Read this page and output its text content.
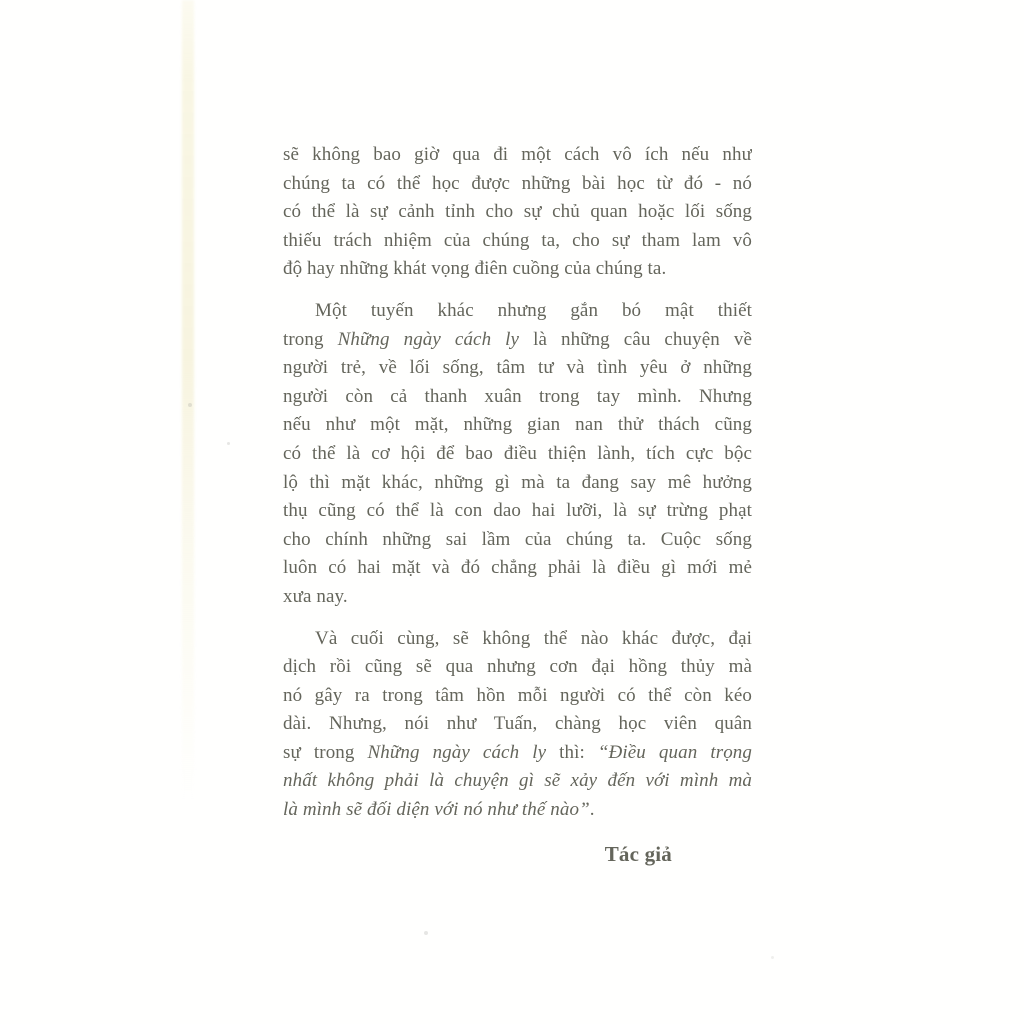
sẽ không bao giờ qua đi một cách vô ích nếu như
chúng ta có thể học được những bài học từ đó - nó
có thể là sự cảnh tỉnh cho sự chủ quan hoặc lối sống
thiếu trách nhiệm của chúng ta, cho sự tham lam vô
độ hay những khát vọng điên cuồng của chúng ta.
Một tuyến khác nhưng gắn bó mật thiết
trong Những ngày cách ly là những câu chuyện về
người trẻ, về lối sống, tâm tư và tình yêu ở những
người còn cả thanh xuân trong tay mình. Nhưng
nếu như một mặt, những gian nan thử thách cũng
có thể là cơ hội để bao điều thiện lành, tích cực bộc
lộ thì mặt khác, những gì mà ta đang say mê hưởng
thụ cũng có thể là con dao hai lưỡi, là sự trừng phạt
cho chính những sai lầm của chúng ta. Cuộc sống
luôn có hai mặt và đó chẳng phải là điều gì mới mẻ
xưa nay.
Và cuối cùng, sẽ không thể nào khác được, đại
dịch rồi cũng sẽ qua nhưng cơn đại hồng thủy mà
nó gây ra trong tâm hồn mỗi người có thể còn kéo
dài. Nhưng, nói như Tuấn, chàng học viên quân
sự trong Những ngày cách ly thì: “Điều quan trọng
nhất không phải là chuyện gì sẽ xảy đến với mình mà
là mình sẽ đối diện với nó như thế nào”.
Tác giả
